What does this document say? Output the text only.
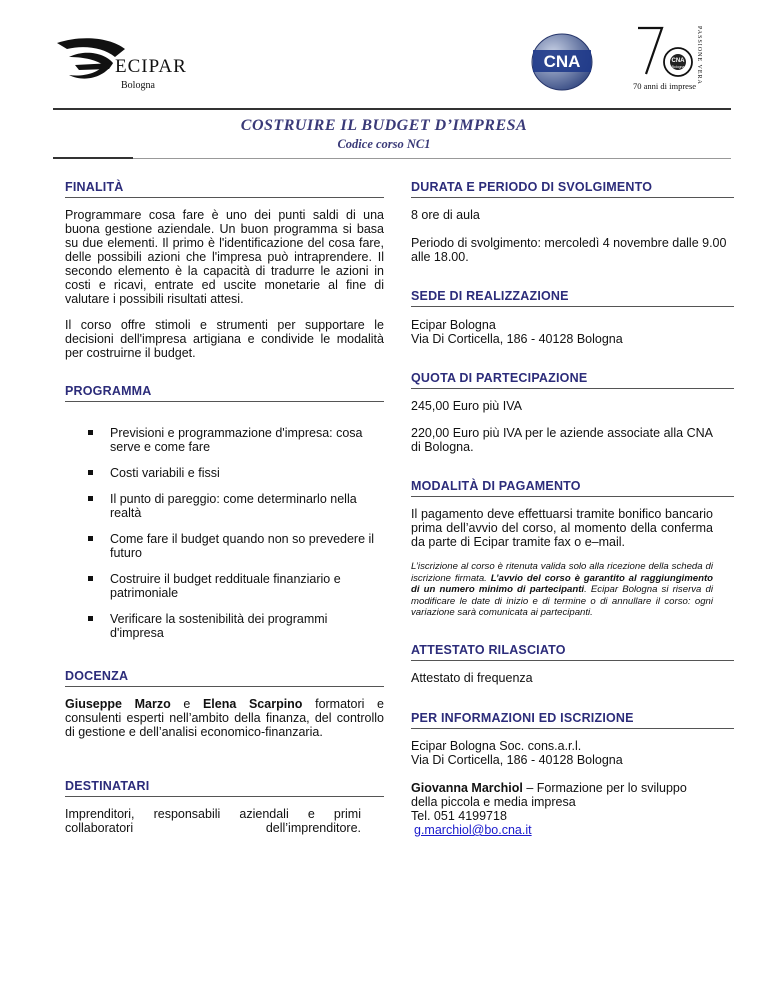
ECIPAR
Bologna
CNA	CNA
Bologna
70 anni di imprese
PASSIONE VERA
COSTRUIRE IL BUDGET D’IMPRESA
Codice corso NC1
FINALITÀ
Programmare cosa fare è uno dei punti saldi di una buona gestione aziendale. Un buon programma si basa su due elementi. Il primo è l'identificazione del cosa fare, delle possibili azioni che l'impresa può intraprendere. Il secondo elemento è la capacità di tradurre le azioni in costi e ricavi, entrate ed uscite monetarie al fine di valutare i possibili risultati attesi.
Il corso offre stimoli e strumenti per supportare le decisioni dell'impresa artigiana e condivide le modalità per costruirne il budget.
PROGRAMMA
Previsioni e programmazione d'impresa: cosa serve e come fare
Costi variabili e fissi
Il punto di pareggio: come determinarlo nella realtà
Come fare il budget quando non so prevedere il futuro
Costruire il budget reddituale finanziario e patrimoniale
Verificare la sostenibilità dei programmi d'impresa
DOCENZA
Giuseppe Marzo e Elena Scarpino formatori e consulenti esperti nell’ambito della finanza, del controllo di gestione e dell’analisi economico-finanzaria.
DESTINATARI
Imprenditori, responsabili aziendali e primi collaboratori dell’imprenditore.
DURATA E PERIODO DI SVOLGIMENTO
8 ore di aula
Periodo di svolgimento: mercoledì 4 novembre dalle 9.00 alle 18.00.
SEDE DI REALIZZAZIONE
Ecipar Bologna
Via Di Corticella, 186 - 40128 Bologna
QUOTA DI PARTECIPAZIONE
245,00 Euro più IVA
220,00 Euro più IVA per le aziende associate alla CNA di Bologna.
MODALITÀ DI PAGAMENTO
Il pagamento deve effettuarsi tramite bonifico bancario prima dell’avvio del corso, al momento della conferma da parte di Ecipar tramite fax o e–mail.
L’iscrizione al corso è ritenuta valida solo alla ricezione della scheda di iscrizione firmata. L’avvio del corso è garantito al raggiungimento di un numero minimo di partecipanti. Ecipar Bologna si riserva di modificare le date di inizio e di termine o di annullare il corso: ogni variazione sarà comunicata ai partecipanti.
ATTESTATO RILASCIATO
Attestato di frequenza
PER INFORMAZIONI ED ISCRIZIONE
Ecipar Bologna Soc. cons.a.r.l.
Via Di Corticella, 186 - 40128 Bologna
Giovanna Marchiol – Formazione per lo sviluppo della piccola e media impresa
Tel. 051 4199718
g.marchiol@bo.cna.it
